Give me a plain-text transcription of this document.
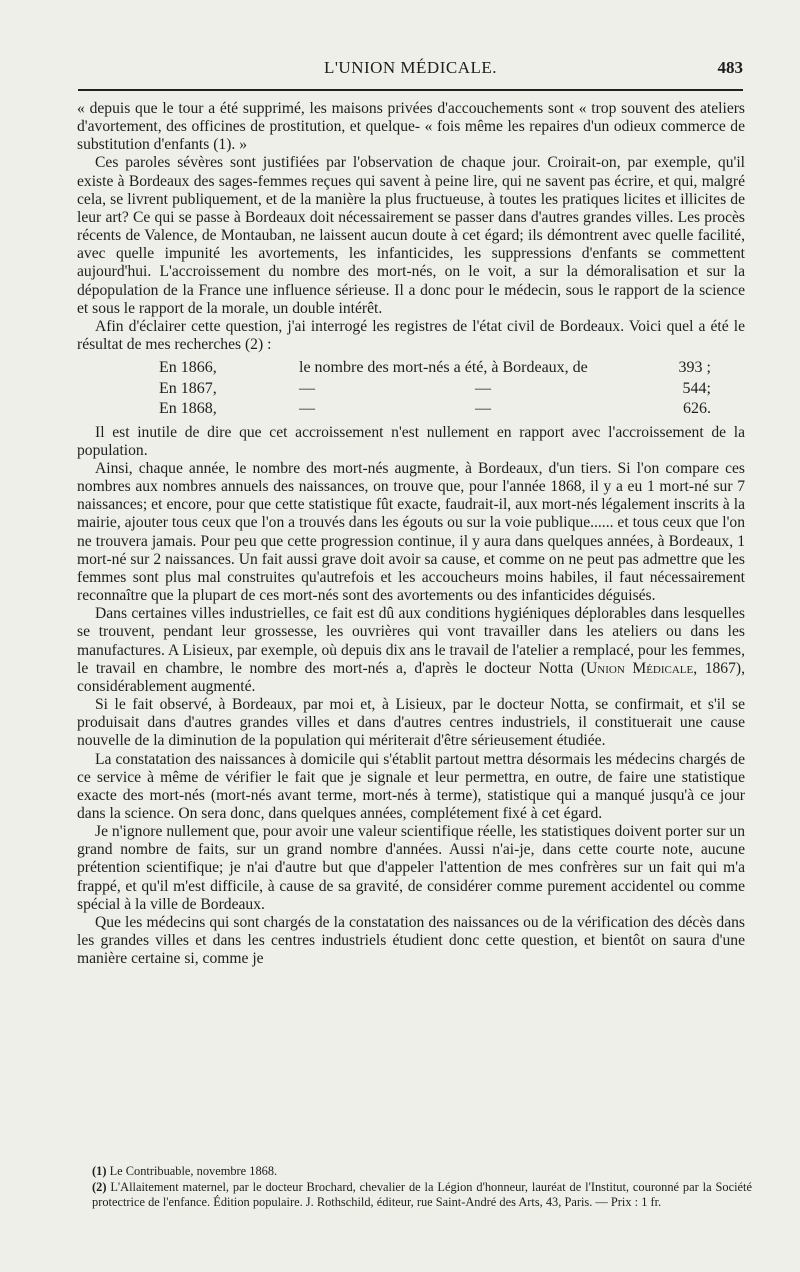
L'UNION MÉDICALE.	483

« depuis que le tour a été supprimé, les maisons privées d'accouchements sont « trop souvent des ateliers d'avortement, des officines de prostitution, et quelque- « fois même les repaires d'un odieux commerce de substitution d'enfants (1). »

Ces paroles sévères sont justifiées par l'observation de chaque jour. Croirait-on, par exemple, qu'il existe à Bordeaux des sages-femmes reçues qui savent à peine lire, qui ne savent pas écrire, et qui, malgré cela, se livrent publiquement, et de la manière la plus fructueuse, à toutes les pratiques licites et illicites de leur art? Ce qui se passe à Bordeaux doit nécessairement se passer dans d'autres grandes villes. Les procès récents de Valence, de Montauban, ne laissent aucun doute à cet égard; ils démontrent avec quelle facilité, avec quelle impunité les avortements, les infanticides, les suppressions d'enfants se commettent aujourd'hui. L'accroissement du nombre des mort-nés, on le voit, a sur la démoralisation et sur la dépopulation de la France une influence sérieuse. Il a donc pour le médecin, sous le rapport de la science et sous le rapport de la morale, un double intérêt.

Afin d'éclairer cette question, j'ai interrogé les registres de l'état civil de Bordeaux. Voici quel a été le résultat de mes recherches (2) :

En 1866,	le nombre des mort-nés a été, à Bordeaux, de	393 ;
En 1867,	—                                        —	544;
En 1868,	—                                        —	626.

Il est inutile de dire que cet accroissement n'est nullement en rapport avec l'accroissement de la population.

Ainsi, chaque année, le nombre des mort-nés augmente, à Bordeaux, d'un tiers. Si l'on compare ces nombres aux nombres annuels des naissances, on trouve que, pour l'année 1868, il y a eu 1 mort-né sur 7 naissances; et encore, pour que cette statistique fût exacte, faudrait-il, aux mort-nés légalement inscrits à la mairie, ajouter tous ceux que l'on a trouvés dans les égouts ou sur la voie publique...... et tous ceux que l'on ne trouvera jamais. Pour peu que cette progression continue, il y aura dans quelques années, à Bordeaux, 1 mort-né sur 2 naissances. Un fait aussi grave doit avoir sa cause, et comme on ne peut pas admettre que les femmes sont plus mal construites qu'autrefois et les accoucheurs moins habiles, il faut nécessairement reconnaître que la plupart de ces mort-nés sont des avortements ou des infanticides déguisés.

Dans certaines villes industrielles, ce fait est dû aux conditions hygiéniques déplorables dans lesquelles se trouvent, pendant leur grossesse, les ouvrières qui vont travailler dans les ateliers ou dans les manufactures. A Lisieux, par exemple, où depuis dix ans le travail de l'atelier a remplacé, pour les femmes, le travail en chambre, le nombre des mort-nés a, d'après le docteur Notta (Union Médicale, 1867), considérablement augmenté.

Si le fait observé, à Bordeaux, par moi et, à Lisieux, par le docteur Notta, se confirmait, et s'il se produisait dans d'autres grandes villes et dans d'autres centres industriels, il constituerait une cause nouvelle de la diminution de la population qui mériterait d'être sérieusement étudiée.

La constatation des naissances à domicile qui s'établit partout mettra désormais les médecins chargés de ce service à même de vérifier le fait que je signale et leur permettra, en outre, de faire une statistique exacte des mort-nés (mort-nés avant terme, mort-nés à terme), statistique qui a manqué jusqu'à ce jour dans la science. On sera donc, dans quelques années, complétement fixé à cet égard.

Je n'ignore nullement que, pour avoir une valeur scientifique réelle, les statistiques doivent porter sur un grand nombre de faits, sur un grand nombre d'années. Aussi n'ai-je, dans cette courte note, aucune prétention scientifique; je n'ai d'autre but que d'appeler l'attention de mes confrères sur un fait qui m'a frappé, et qu'il m'est difficile, à cause de sa gravité, de considérer comme purement accidentel ou comme spécial à la ville de Bordeaux.

Que les médecins qui sont chargés de la constatation des naissances ou de la vérification des décès dans les grandes villes et dans les centres industriels étudient donc cette question, et bientôt on saura d'une manière certaine si, comme je

(1) Le Contribuable, novembre 1868.

(2) L'Allaitement maternel, par le docteur Brochard, chevalier de la Légion d'honneur, lauréat de l'Institut, couronné par la Société protectrice de l'enfance. Édition populaire. J. Rothschild, éditeur, rue Saint-André des Arts, 43, Paris. — Prix : 1 fr.
